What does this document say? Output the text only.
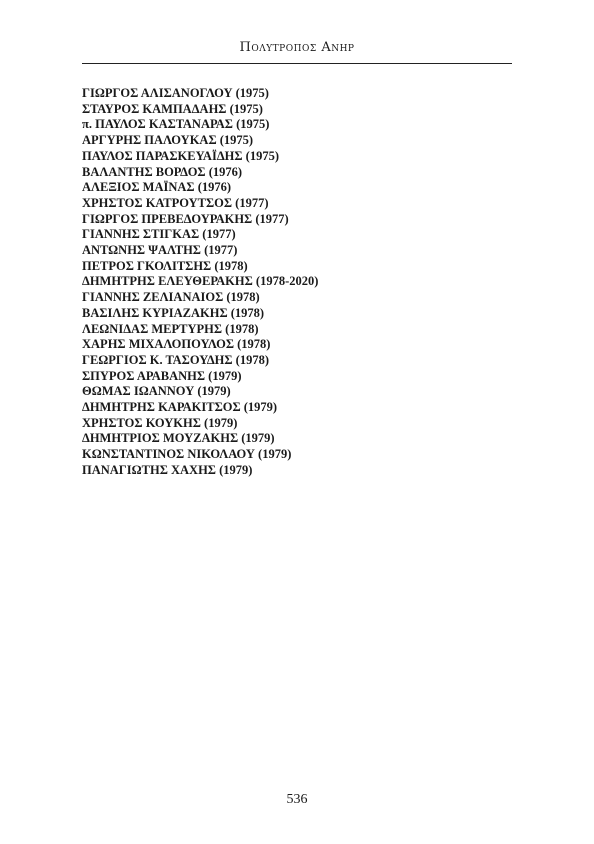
Πολυτροπος Ανηρ
ΓΙΩΡΓΟΣ ΑΛΙΣΑΝΟΓΛΟΥ (1975)
ΣΤΑΥΡΟΣ ΚΑΜΠΑΔΑΗΣ (1975)
π. ΠΑΥΛΟΣ ΚΑΣΤΑΝΑΡΑΣ (1975)
ΑΡΓΥΡΗΣ ΠΑΛΟΥΚΑΣ (1975)
ΠΑΥΛΟΣ ΠΑΡΑΣΚΕΥΑΪΔΗΣ (1975)
ΒΑΛΑΝΤΗΣ ΒΟΡΔΟΣ (1976)
ΑΛΕΞΙΟΣ ΜΑΪΝΑΣ (1976)
ΧΡΗΣΤΟΣ ΚΑΤΡΟΥΤΣΟΣ (1977)
ΓΙΩΡΓΟΣ ΠΡΕΒΕΔΟΥΡΑΚΗΣ (1977)
ΓΙΑΝΝΗΣ ΣΤΙΓΚΑΣ (1977)
ΑΝΤΩΝΗΣ ΨΑΛΤΗΣ (1977)
ΠΕΤΡΟΣ ΓΚΟΛΙΤΣΗΣ (1978)
ΔΗΜΗΤΡΗΣ ΕΛΕΥΘΕΡΑΚΗΣ (1978-2020)
ΓΙΑΝΝΗΣ ΖΕΛΙΑΝΑΙΟΣ (1978)
ΒΑΣΙΛΗΣ ΚΥΡΙΑΖΑΚΗΣ (1978)
ΛΕΩΝΙΔΑΣ ΜΕΡΤΥΡΗΣ (1978)
ΧΑΡΗΣ ΜΙΧΑΛΟΠΟΥΛΟΣ (1978)
ΓΕΩΡΓΙΟΣ Κ. ΤΑΣΟΥΔΗΣ (1978)
ΣΠΥΡΟΣ ΑΡΑΒΑΝΗΣ (1979)
ΘΩΜΑΣ ΙΩΑΝΝΟΥ (1979)
ΔΗΜΗΤΡΗΣ ΚΑΡΑΚΙΤΣΟΣ (1979)
ΧΡΗΣΤΟΣ ΚΟΥΚΗΣ (1979)
ΔΗΜΗΤΡΙΟΣ ΜΟΥΖΑΚΗΣ (1979)
ΚΩΝΣΤΑΝΤΙΝΟΣ ΝΙΚΟΛΑΟΥ (1979)
ΠΑΝΑΓΙΩΤΗΣ ΧΑΧΗΣ (1979)
536
